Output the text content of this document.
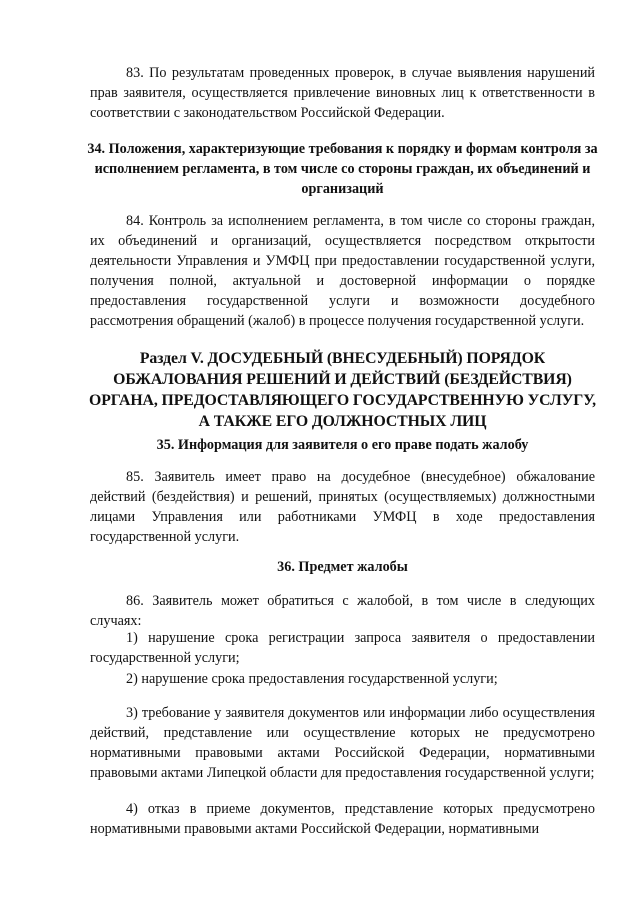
83. По результатам проведенных проверок, в случае выявления нарушений прав заявителя, осуществляется привлечение виновных лиц к ответственности в соответствии с законодательством Российской Федерации.

34. Положения, характеризующие требования к порядку и формам контроля за исполнением регламента, в том числе со стороны граждан, их объединений и организаций

84. Контроль за исполнением регламента, в том числе со стороны граждан, их объединений и организаций, осуществляется посредством открытости деятельности Управления и УМФЦ при предоставлении государственной услуги, получения полной, актуальной и достоверной информации о порядке предоставления государственной услуги и возможности досудебного рассмотрения обращений (жалоб) в процессе получения государственной услуги.

Раздел V. ДОСУДЕБНЫЙ (ВНЕСУДЕБНЫЙ) ПОРЯДОК ОБЖАЛОВАНИЯ РЕШЕНИЙ И ДЕЙСТВИЙ (БЕЗДЕЙСТВИЯ) ОРГАНА, ПРЕДОСТАВЛЯЮЩЕГО ГОСУДАРСТВЕННУЮ УСЛУГУ, А ТАКЖЕ ЕГО ДОЛЖНОСТНЫХ ЛИЦ

35. Информация для заявителя о его праве подать жалобу

85. Заявитель имеет право на досудебное (внесудебное) обжалование действий (бездействия) и решений, принятых (осуществляемых) должностными лицами Управления или работниками УМФЦ в ходе предоставления государственной услуги.

36. Предмет жалобы

86. Заявитель может обратиться с жалобой, в том числе в следующих случаях:

1) нарушение срока регистрации запроса заявителя о предоставлении государственной услуги;

2) нарушение срока предоставления государственной услуги;

3) требование у заявителя документов или информации либо осуществления действий, представление или осуществление которых не предусмотрено нормативными правовыми актами Российской Федерации, нормативными правовыми актами Липецкой области для предоставления государственной услуги;

4) отказ в приеме документов, представление которых предусмотрено нормативными правовыми актами Российской Федерации, нормативными
